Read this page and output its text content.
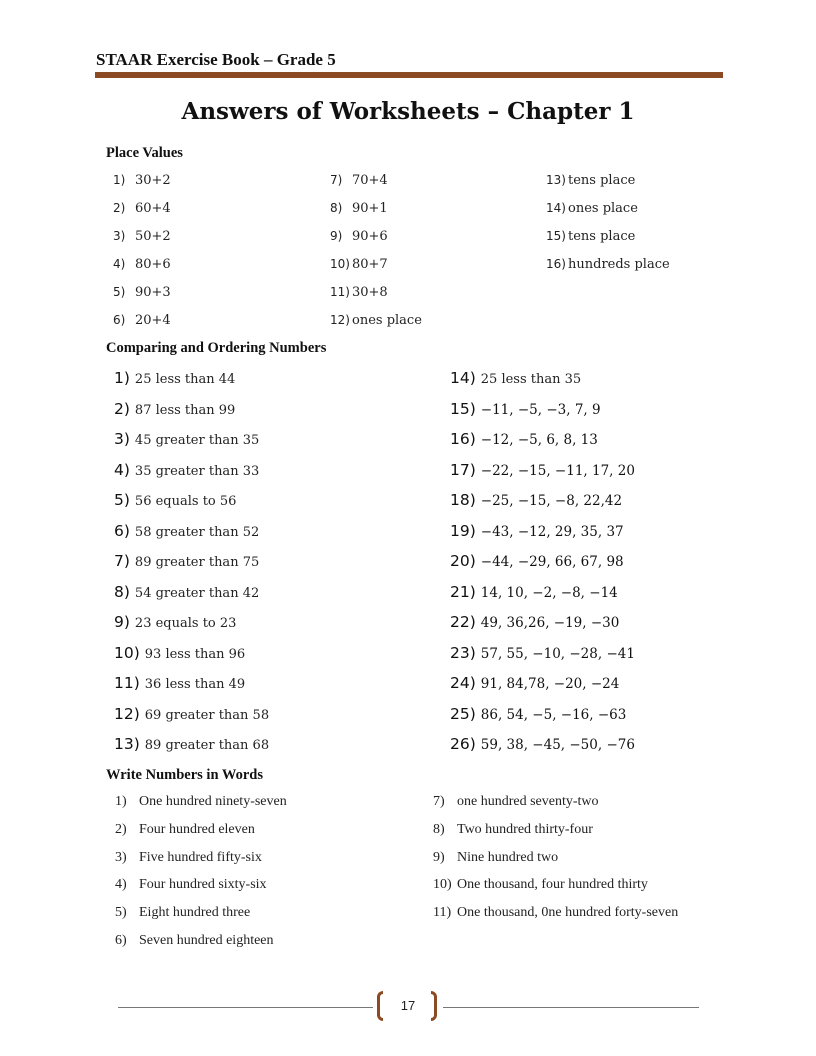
STAAR Exercise Book – Grade 5
Answers of Worksheets – Chapter 1
Place Values
1) 30+2
2) 60+4
3) 50+2
4) 80+6
5) 90+3
6) 20+4
7) 70+4
8) 90+1
9) 90+6
10) 80+7
11) 30+8
12) ones place
13) tens place
14) ones place
15) tens place
16) hundreds place
Comparing and Ordering Numbers
1) 25 less than 44
2) 87 less than 99
3) 45 greater than 35
4) 35 greater than 33
5) 56 equals to 56
6) 58 greater than 52
7) 89 greater than 75
8) 54 greater than 42
9) 23 equals to 23
10) 93 less than 96
11) 36 less than 49
12) 69 greater than 58
13) 89 greater than 68
14) 25 less than 35
15) −11, −5, −3, 7, 9
16) −12, −5, 6, 8, 13
17) −22, −15, −11, 17, 20
18) −25, −15, −8, 22,42
19) −43, −12, 29, 35, 37
20) −44, −29, 66, 67, 98
21) 14, 10, −2, −8, −14
22) 49, 36,26, −19, −30
23) 57, 55, −10, −28, −41
24) 91, 84,78, −20, −24
25) 86, 54, −5, −16, −63
26) 59, 38, −45, −50, −76
Write Numbers in Words
1) One hundred ninety-seven
2) Four hundred eleven
3) Five hundred fifty-six
4) Four hundred sixty-six
5) Eight hundred three
6) Seven hundred eighteen
7) one hundred seventy-two
8) Two hundred thirty-four
9) Nine hundred two
10) One thousand, four hundred thirty
11) One thousand, 0ne hundred forty-seven
17
